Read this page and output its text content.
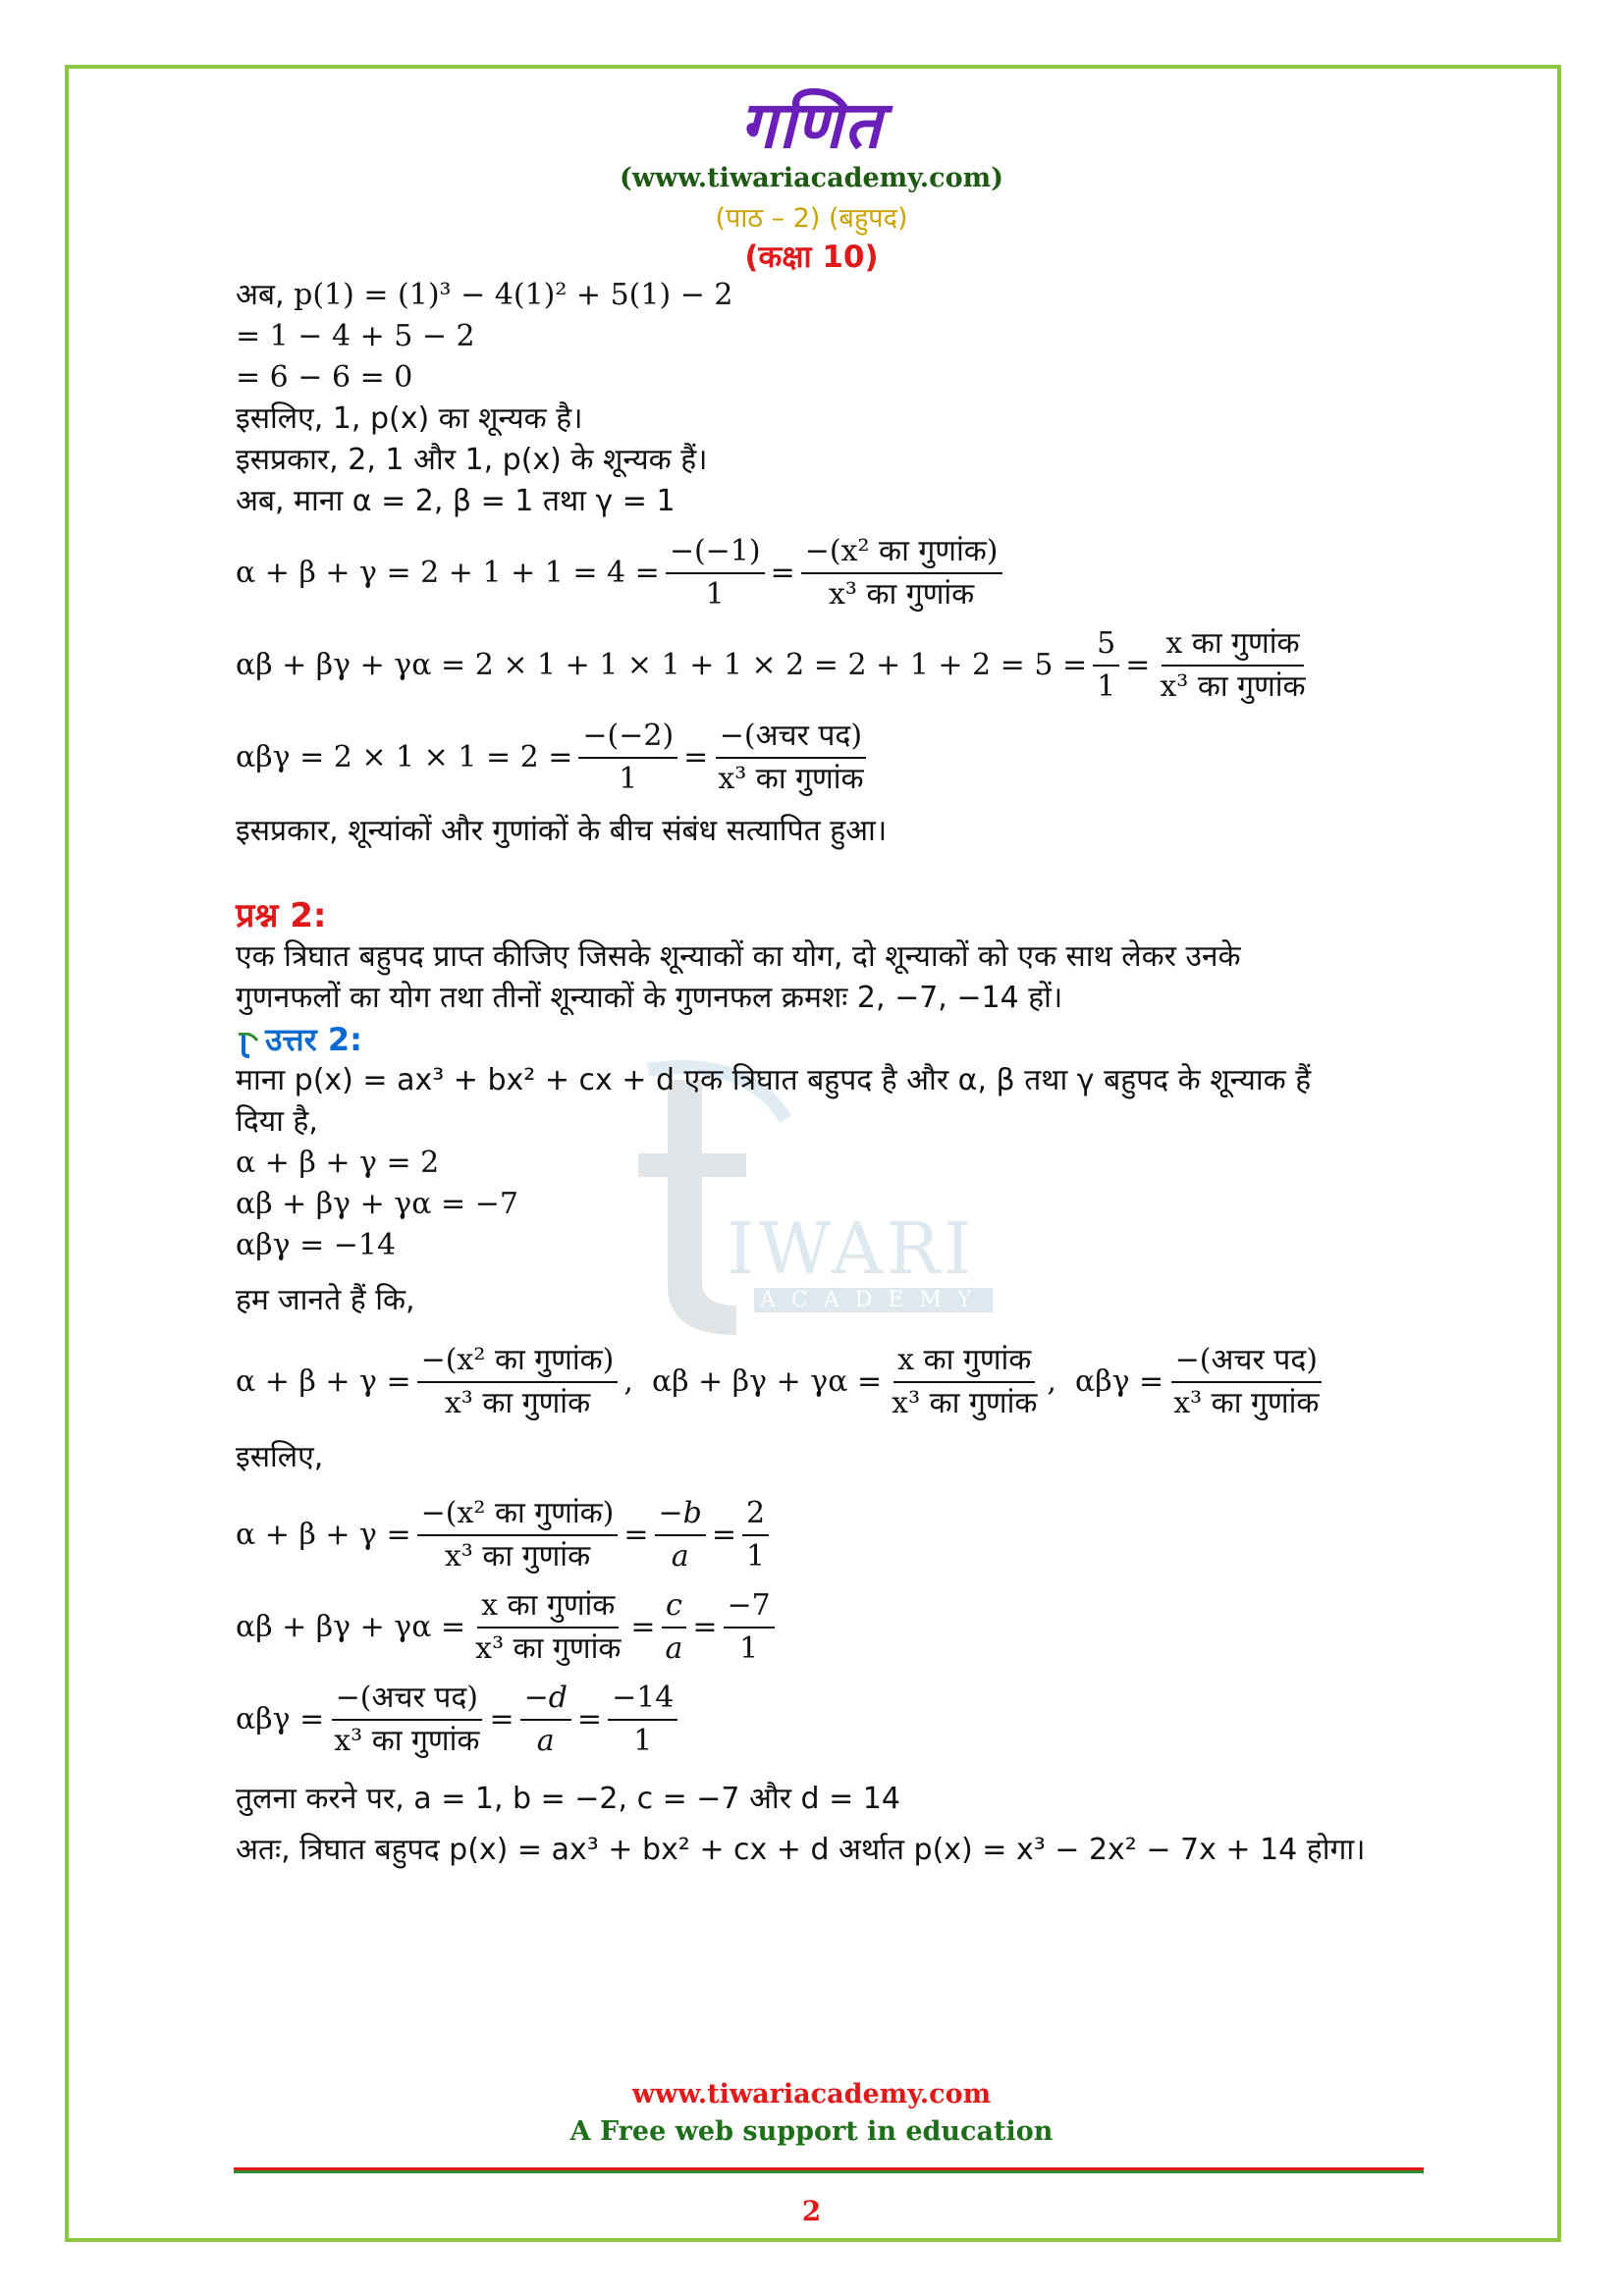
गणित
(www.tiwariacademy.com)
(पाठ – 2) (बहुपद)
(कक्षा 10)
IWARI
ACADEMY
अब, p(1) = (1)³ − 4(1)² + 5(1) − 2
= 1 − 4 + 5 − 2
= 6 − 6 = 0
इसलिए, 1, p(x) का शून्यक है।
इसप्रकार, 2, 1 और 1, p(x) के शून्यक हैं।
अब, माना α = 2, β = 1 तथा γ = 1
$\alpha + \beta + \gamma = 2 + 1 + 1 = 4 = \frac{-(-1)}{1} = \frac{\text{−(x² का गुणांक)}}{\text{x³ का गुणांक}}$
$\alpha\beta + \beta\gamma + \gamma\alpha = 2 \times 1 + 1 \times 1 + 1 \times 2 = 2 + 1 + 2 = 5 = \frac{5}{1} = \frac{\text{x का गुणांक}}{\text{x³ का गुणांक}}$
$\alpha\beta\gamma = 2 \times 1 \times 1 = 2 = \frac{-(-2)}{1} = \frac{\text{−(अचर पद)}}{\text{x³ का गुणांक}}$
इसप्रकार, शून्यांकों और गुणांकों के बीच संबंध सत्यापित हुआ।
प्रश्न 2:
एक त्रिघात बहुपद प्राप्त कीजिए जिसके शून्याकों का योग, दो शून्याकों को एक साथ लेकर उनके
गुणनफलों का योग तथा तीनों शून्याकों के गुणनफल क्रमशः 2, −7, −14 हों।
उत्तर 2:
माना p(x) = ax³ + bx² + cx + d एक त्रिघात बहुपद है और α, β तथा γ बहुपद के शून्याक हैं
दिया है,
α + β + γ = 2
αβ + βγ + γα = −7
αβγ = −14
हम जानते हैं कि,
$\alpha + \beta + \gamma = \frac{\text{−(x² का गुणांक)}}{\text{x³ का गुणांक}}$ , $\alpha\beta + \beta\gamma + \gamma\alpha = \frac{\text{x का गुणांक}}{\text{x³ का गुणांक}}$ , $\alpha\beta\gamma = \frac{\text{−(अचर पद)}}{\text{x³ का गुणांक}}$
इसलिए,
$\alpha + \beta + \gamma = \frac{\text{−(x² का गुणांक)}}{\text{x³ का गुणांक}} = \frac{-b}{a} = \frac{2}{1}$
$\alpha\beta + \beta\gamma + \gamma\alpha = \frac{\text{x का गुणांक}}{\text{x³ का गुणांक}} = \frac{c}{a} = \frac{-7}{1}$
$\alpha\beta\gamma = \frac{\text{−(अचर पद)}}{\text{x³ का गुणांक}} = \frac{-d}{a} = \frac{-14}{1}$
तुलना करने पर, a = 1, b = −2, c = −7 और d = 14
अतः, त्रिघात बहुपद p(x) = ax³ + bx² + cx + d अर्थात p(x) = x³ − 2x² − 7x + 14 होगा।
www.tiwariacademy.com
A Free web support in education
2
